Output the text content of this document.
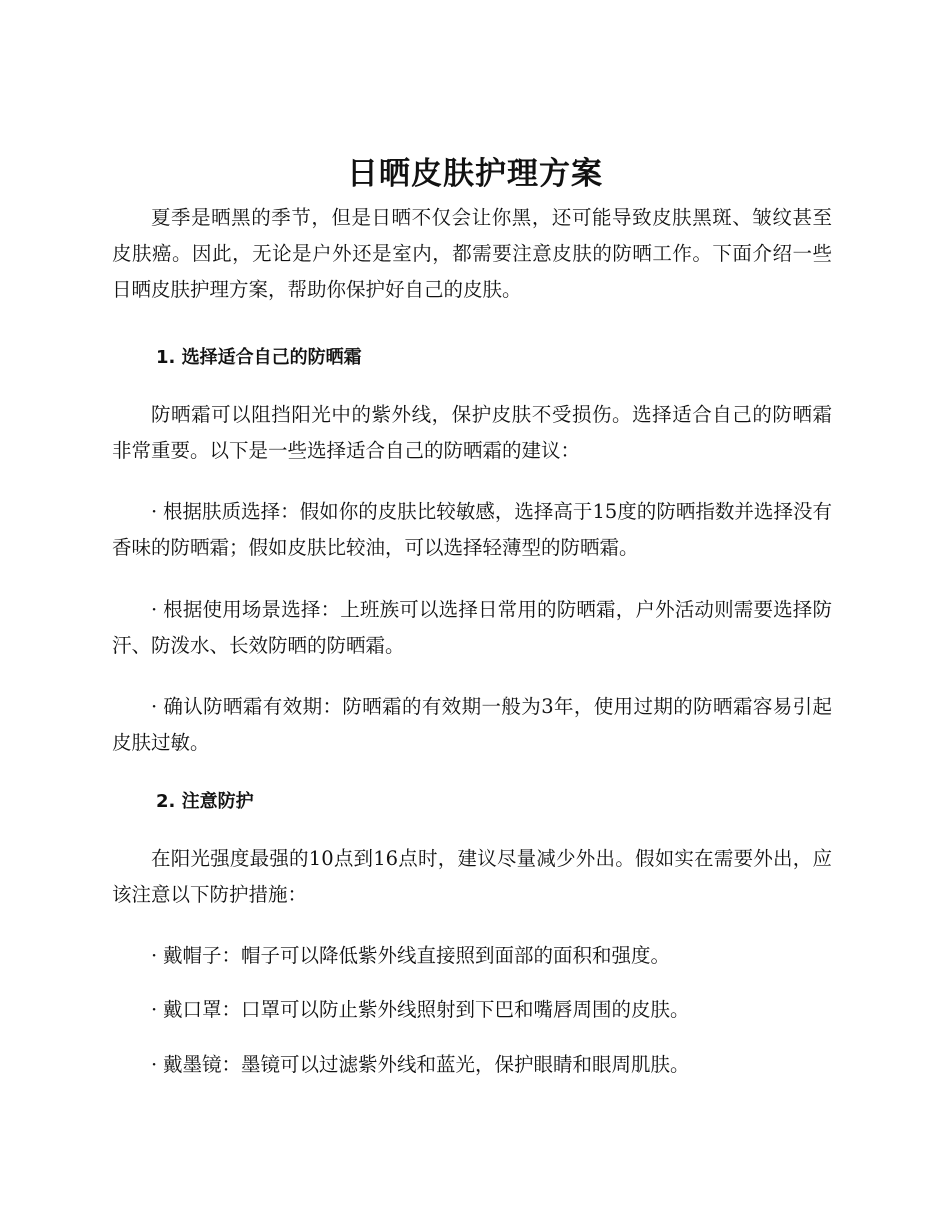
日晒皮肤护理方案

夏季是晒黑的季节，但是日晒不仅会让你黑，还可能导致皮肤黑斑、皱纹甚至皮肤癌。因此，无论是户外还是室内，都需要注意皮肤的防晒工作。下面介绍一些日晒皮肤护理方案，帮助你保护好自己的皮肤。

1. 选择适合自己的防晒霜

防晒霜可以阻挡阳光中的紫外线，保护皮肤不受损伤。选择适合自己的防晒霜非常重要。以下是一些选择适合自己的防晒霜的建议：

· 根据肤质选择：假如你的皮肤比较敏感，选择高于15度的防晒指数并选择没有香味的防晒霜；假如皮肤比较油，可以选择轻薄型的防晒霜。

· 根据使用场景选择：上班族可以选择日常用的防晒霜，户外活动则需要选择防汗、防泼水、长效防晒的防晒霜。

· 确认防晒霜有效期：防晒霜的有效期一般为3年，使用过期的防晒霜容易引起皮肤过敏。

2. 注意防护

在阳光强度最强的10点到16点时，建议尽量减少外出。假如实在需要外出，应该注意以下防护措施：

· 戴帽子：帽子可以降低紫外线直接照到面部的面积和强度。

· 戴口罩：口罩可以防止紫外线照射到下巴和嘴唇周围的皮肤。

· 戴墨镜：墨镜可以过滤紫外线和蓝光，保护眼睛和眼周肌肤。
